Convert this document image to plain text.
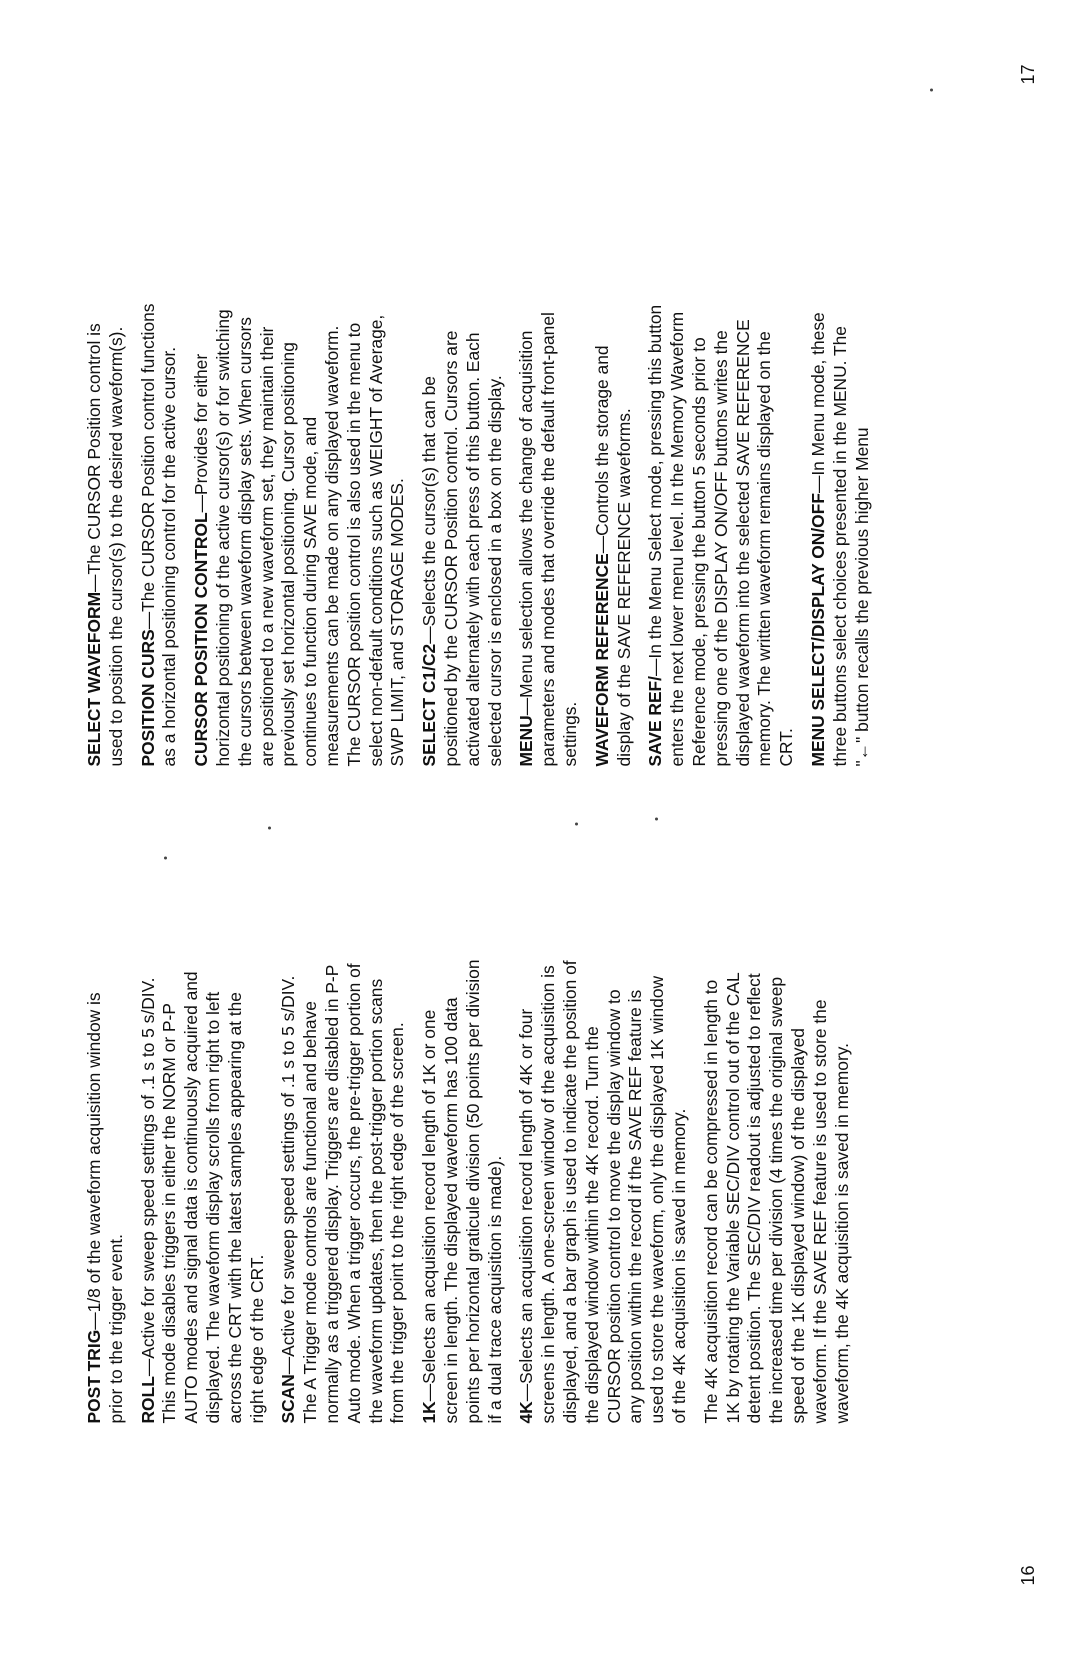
POST TRIG—1/8 of the waveform acquisition window is prior to the trigger event. ROLL—Active for sweep speed settings of .1 s to 5 s/DIV. This mode disables triggers in either the NORM or P-P AUTO modes and signal data is continuously acquired and displayed. The waveform display scrolls from right to left across the CRT with the latest samples appearing at the right edge of the CRT. SCAN—Active for sweep speed settings of .1 s to 5 s/DIV. The A Trigger mode controls are functional and behave normally as a triggered display. Triggers are disabled in P-P Auto mode. When a trigger occurs, the pre-trigger portion of the waveform updates, then the post-trigger portion scans from the trigger point to the right edge of the screen. 1K—Selects an acquisition record length of 1K or one screen in length. The displayed waveform has 100 data points per horizontal graticule division (50 points per division if a dual trace acquisition is made). 4K—Selects an acquisition record length of 4K or four screens in length. A one-screen window of the acquisition is displayed, and a bar graph is used to indicate the position of the displayed window within the 4K record. Turn the CURSOR position control to move the display window to any position within the record if the SAVE REF feature is used to store the waveform, only the displayed 1K window of the 4K acquisition is saved in memory. The 4K acquisition record can be compressed in length to 1K by rotating the Variable SEC/DIV control out of the CAL detent position. The SEC/DIV readout is adjusted to reflect the increased time per division (4 times the original sweep speed of the 1K displayed window) of the displayed waveform. If the SAVE REF feature is used to store the waveform, the 4K acquisition is saved in memory.

16

SELECT WAVEFORM—The CURSOR Position control is used to position the cursor(s) to the desired waveform(s). POSITION CURS—The CURSOR Position control functions as a horizontal positioning control for the active cursor. CURSOR POSITION CONTROL—Provides for either horizontal positioning of the active cursor(s) or for switching the cursors between waveform display sets. When cursors are positioned to a new waveform set, they maintain their previously set horizontal positioning. Cursor positioning continues to function during SAVE mode, and measurements can be made on any displayed waveform. The CURSOR position control is also used in the menu to select non-default conditions such as WEIGHT of Average, SWP LIMIT, and STORAGE MODES. SELECT C1/C2—Selects the cursor(s) that can be positioned by the CURSOR Position control. Cursors are activated alternately with each press of this button. Each selected cursor is enclosed in a box on the display. MENU—Menu selection allows the change of acquisition parameters and modes that override the default front-panel settings. WAVEFORM REFERENCE—Controls the storage and display of the SAVE REFERENCE waveforms. SAVE REF/—In the Menu Select mode, pressing this button enters the next lower menu level. In the Memory Waveform Reference mode, pressing the button 5 seconds prior to pressing one of the DISPLAY ON/OFF buttons writes the displayed waveform into the selected SAVE REFERENCE memory. The written waveform remains displayed on the CRT. MENU SELECT/DISPLAY ON/OFF—In Menu mode, these three buttons select choices presented in the MENU. The "←" button recalls the previous higher Menu

17
